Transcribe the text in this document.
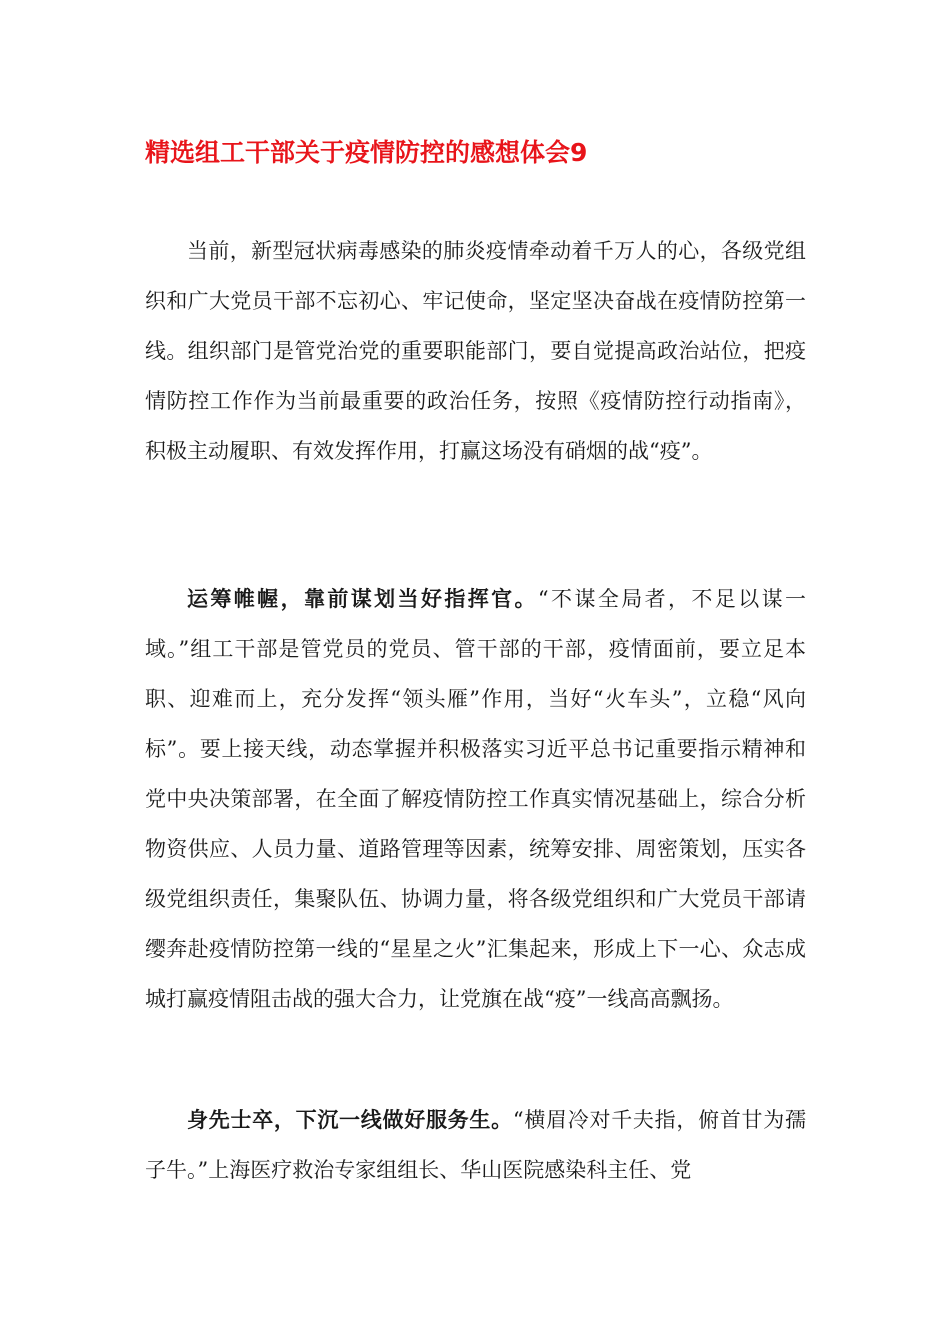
精选组工干部关于疫情防控的感想体会9

当前，新型冠状病毒感染的肺炎疫情牵动着千万人的心，各级党组织和广大党员干部不忘初心、牢记使命，坚定坚决奋战在疫情防控第一线。组织部门是管党治党的重要职能部门，要自觉提高政治站位，把疫情防控工作作为当前最重要的政治任务，按照《疫情防控行动指南》，积极主动履职、有效发挥作用，打赢这场没有硝烟的战“疫”。

运筹帷幄，靠前谋划当好指挥官。“不谋全局者，不足以谋一域。”组工干部是管党员的党员、管干部的干部，疫情面前，要立足本职、迎难而上，充分发挥“领头雁”作用，当好“火车头”，立稳“风向标”。要上接天线，动态掌握并积极落实习近平总书记重要指示精神和党中央决策部署，在全面了解疫情防控工作真实情况基础上，综合分析物资供应、人员力量、道路管理等因素，统筹安排、周密策划，压实各级党组织责任，集聚队伍、协调力量，将各级党组织和广大党员干部请缨奔赴疫情防控第一线的“星星之火”汇集起来，形成上下一心、众志成城打赢疫情阻击战的强大合力，让党旗在战“疫”一线高高飘扬。

身先士卒，下沉一线做好服务生。“横眉冷对千夫指，俯首甘为孺子牛。”上海医疗救治专家组组长、华山医院感染科主任、党
